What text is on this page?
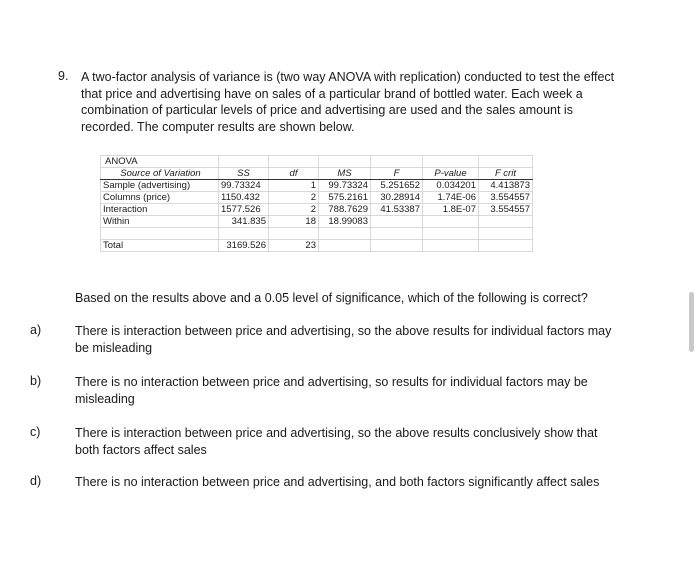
9. A two-factor analysis of variance is (two way ANOVA with replication) conducted to test the effect that price and advertising have on sales of a particular brand of bottled water. Each week a combination of particular levels of price and advertising are used and the sales amount is recorded. The computer results are shown below.
ANOVA						
Source of Variation	SS	df	MS	F	P-value	F crit
Sample (advertising)	99.73324	1	99.73324	5.251652	0.034201	4.413873
Columns (price)	1150.432	2	575.2161	30.28914	1.74E-06	3.554557
Interaction	1577.526	2	788.7629	41.53387	1.8E-07	3.554557
Within	341.835	18	18.99083			

Total	3169.526	23				
Based on the results above and a 0.05 level of significance, which of the following is correct?
a)	There is interaction between price and advertising, so the above results for individual factors may be misleading
b)	There is no interaction between price and advertising, so results for individual factors may be misleading
c)	There is interaction between price and advertising, so the above results conclusively show that both factors affect sales
d)	There is no interaction between price and advertising, and both factors significantly affect sales
